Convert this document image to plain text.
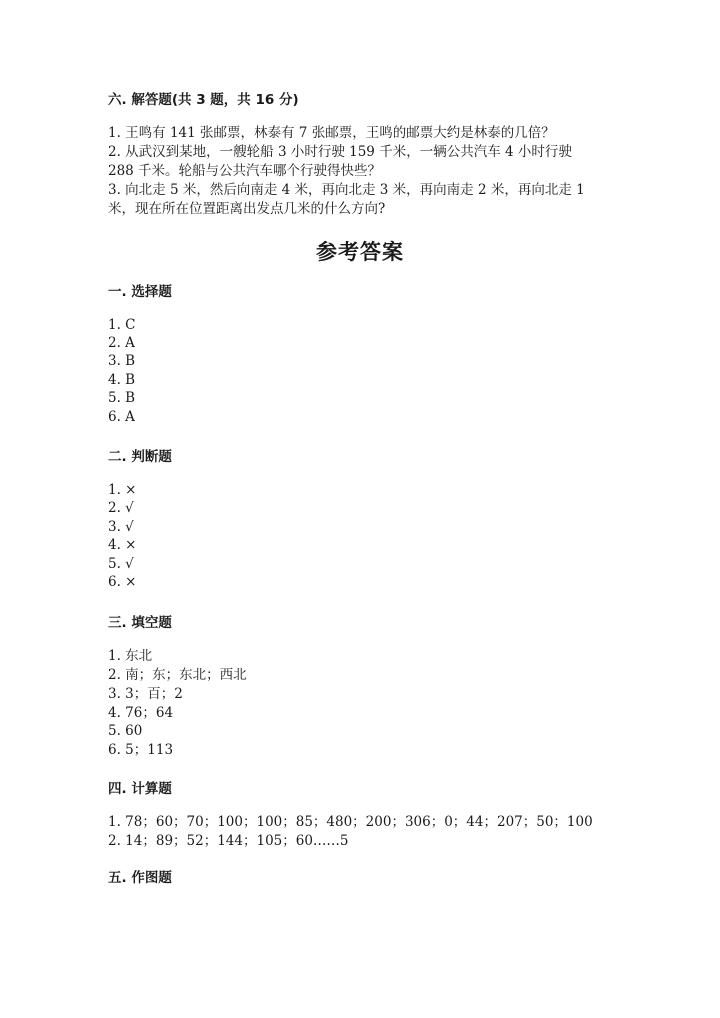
六. 解答题(共 3 题，共 16 分)
1. 王鸣有 141 张邮票，林泰有 7 张邮票，王鸣的邮票大约是林泰的几倍？
2. 从武汉到某地，一艘轮船 3 小时行驶 159 千米，一辆公共汽车 4 小时行驶
288 千米。轮船与公共汽车哪个行驶得快些？
3. 向北走 5 米，然后向南走 4 米，再向北走 3 米，再向南走 2 米，再向北走 1
米，现在所在位置距离出发点几米的什么方向?
参考答案
一. 选择题
1. C
2. A
3. B
4. B
5. B
6. A
二. 判断题
1. ×
2. √
3. √
4. ×
5. √
6. ×
三. 填空题
1. 东北
2. 南；东；东北；西北
3. 3；百；2
4. 76；64
5. 60
6. 5；113
四. 计算题
1. 78；60；70；100；100；85；480；200；306；0；44；207；50；100
2. 14；89；52；144；105；60……5
五. 作图题
